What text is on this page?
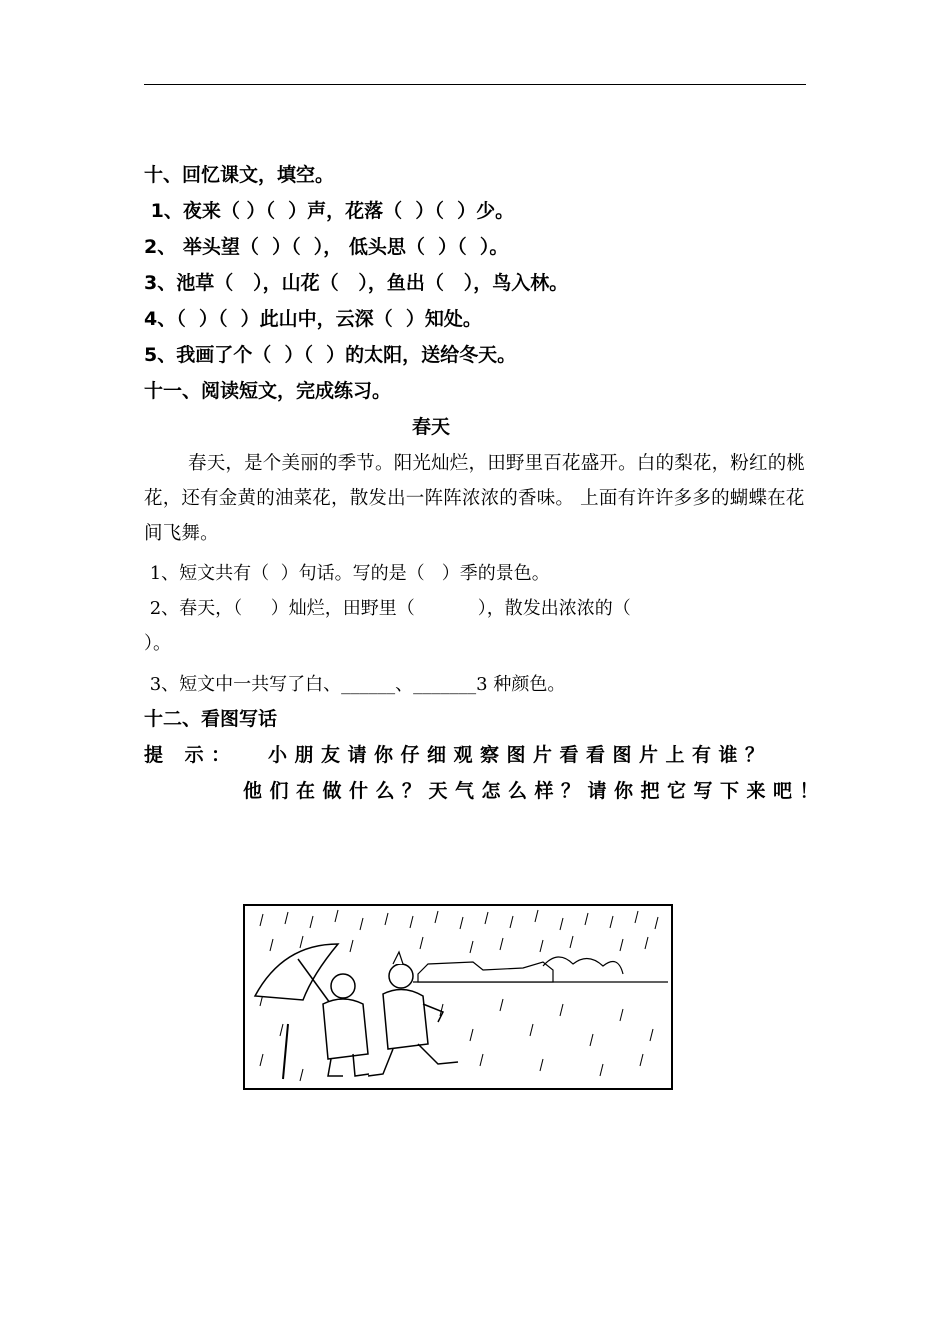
十、回忆课文，填空。
1、夜来（ ）（  ）声，花落（  ）（  ）少。
2、 举头望（  ）（  ）， 低头思（  ）（  ）。
3、池草（   ），山花（   ），鱼出（   ），鸟入林。
4、（  ）（  ）此山中，云深（  ）知处。
5、我画了个（  ）（  ）的太阳，送给冬天。
十一、阅读短文，完成练习。
春天
春天，是个美丽的季节。阳光灿烂，田野里百花盛开。白的梨花，粉红的桃花，还有金黄的油菜花，散发出一阵阵浓浓的香味。 上面有许许多多的蝴蝶在花间飞舞。
1、短文共有（  ）句话。写的是（   ）季的景色。
2、春天，（     ）灿烂，田野里（           ），散发出浓浓的（
）。
3、短文中一共写了白、______、_______3 种颜色。
十二、看图写话
提 示： 小朋友请你仔细观察图片看看图片上有谁？
他们在做什么？天气怎么样？请你把它写下来吧！
